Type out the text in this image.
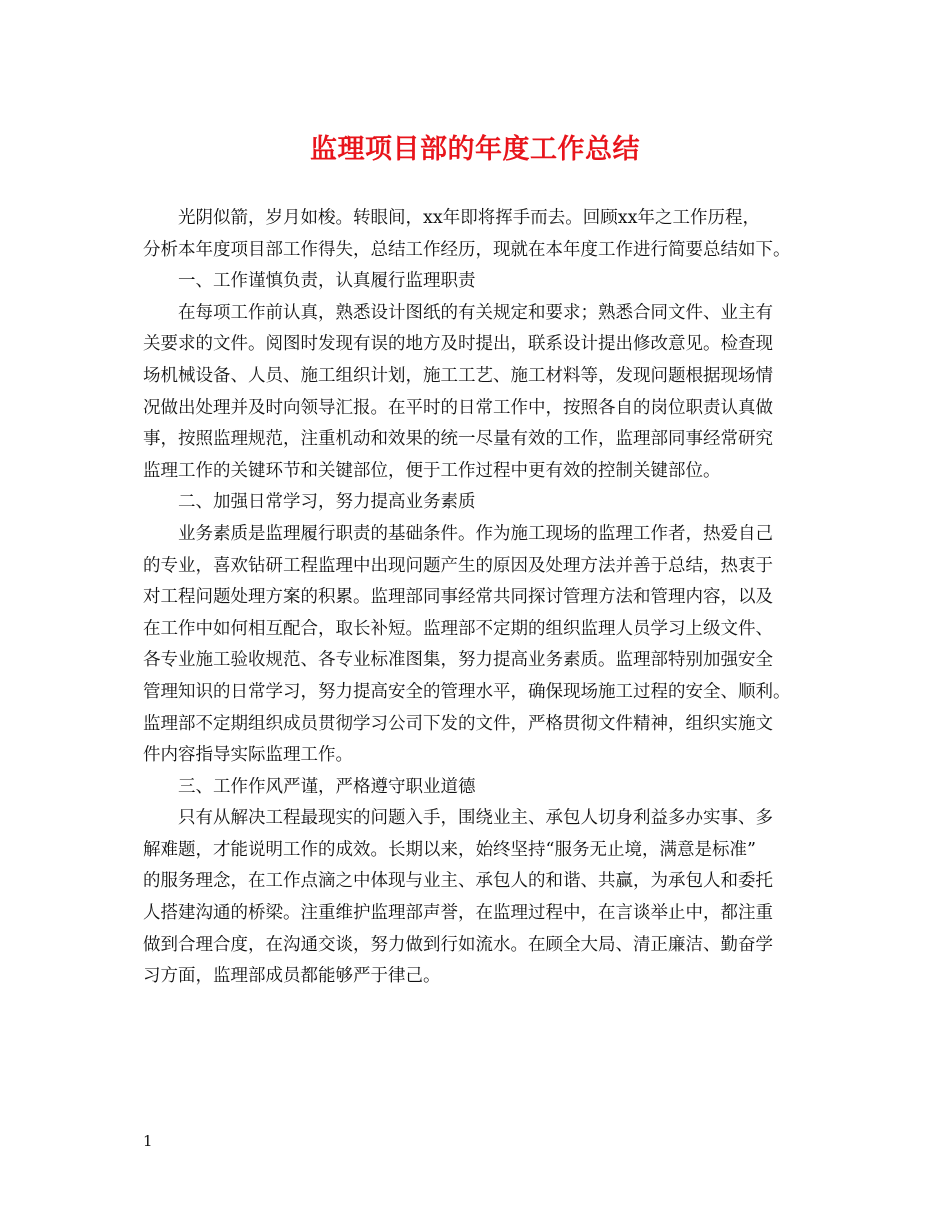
监理项目部的年度工作总结
光阴似箭，岁月如梭。转眼间，xx年即将挥手而去。回顾xx年之工作历程，
分析本年度项目部工作得失，总结工作经历，现就在本年度工作进行简要总结如下。
一、工作谨慎负责，认真履行监理职责
在每项工作前认真，熟悉设计图纸的有关规定和要求；熟悉合同文件、业主有
关要求的文件。阅图时发现有误的地方及时提出，联系设计提出修改意见。检查现
场机械设备、人员、施工组织计划，施工工艺、施工材料等，发现问题根据现场情
况做出处理并及时向领导汇报。在平时的日常工作中，按照各自的岗位职责认真做
事，按照监理规范，注重机动和效果的统一尽量有效的工作，监理部同事经常研究
监理工作的关键环节和关键部位，便于工作过程中更有效的控制关键部位。
二、加强日常学习，努力提高业务素质
业务素质是监理履行职责的基础条件。作为施工现场的监理工作者，热爱自己
的专业，喜欢钻研工程监理中出现问题产生的原因及处理方法并善于总结，热衷于
对工程问题处理方案的积累。监理部同事经常共同探讨管理方法和管理内容，以及
在工作中如何相互配合，取长补短。监理部不定期的组织监理人员学习上级文件、
各专业施工验收规范、各专业标准图集，努力提高业务素质。监理部特别加强安全
管理知识的日常学习，努力提高安全的管理水平，确保现场施工过程的安全、顺利。
监理部不定期组织成员贯彻学习公司下发的文件，严格贯彻文件精神，组织实施文
件内容指导实际监理工作。
三、工作作风严谨，严格遵守职业道德
只有从解决工程最现实的问题入手，围绕业主、承包人切身利益多办实事、多
解难题，才能说明工作的成效。长期以来，始终坚持“服务无止境，满意是标准”
的服务理念，在工作点滴之中体现与业主、承包人的和谐、共赢，为承包人和委托
人搭建沟通的桥梁。注重维护监理部声誉，在监理过程中，在言谈举止中，都注重
做到合理合度，在沟通交谈，努力做到行如流水。在顾全大局、清正廉洁、勤奋学
习方面，监理部成员都能够严于律己。
1
